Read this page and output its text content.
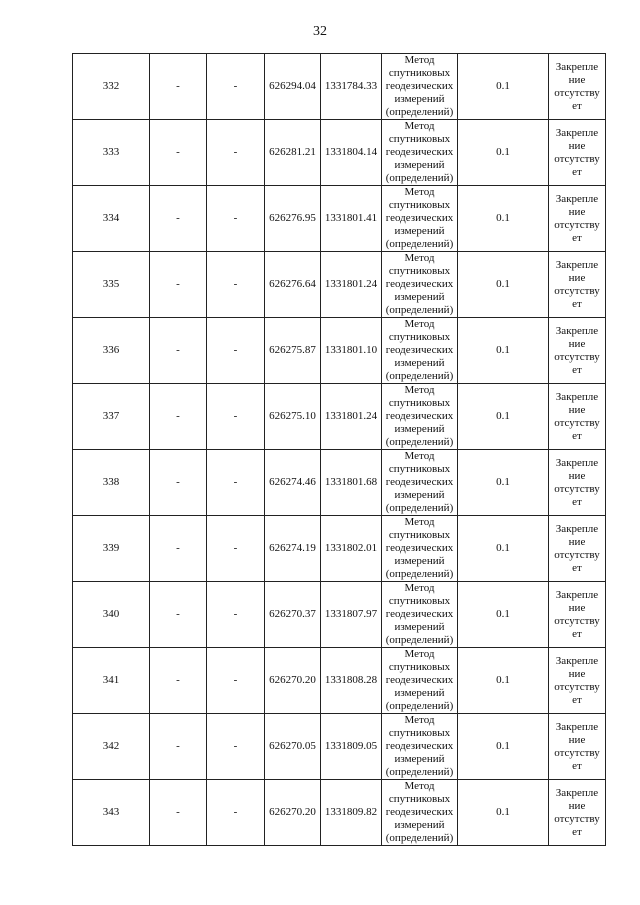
32
332	-	-	626294.04	1331784.33	Метод
спутниковых
геодезических
измерений
(определений)	0.1	Закрепле
ние
отсутству
ет

333	-	-	626281.21	1331804.14	Метод
спутниковых
геодезических
измерений
(определений)	0.1	Закрепле
ние
отсутству
ет

334	-	-	626276.95	1331801.41	Метод
спутниковых
геодезических
измерений
(определений)	0.1	Закрепле
ние
отсутству
ет

335	-	-	626276.64	1331801.24	Метод
спутниковых
геодезических
измерений
(определений)	0.1	Закрепле
ние
отсутству
ет

336	-	-	626275.87	1331801.10	Метод
спутниковых
геодезических
измерений
(определений)	0.1	Закрепле
ние
отсутству
ет

337	-	-	626275.10	1331801.24	Метод
спутниковых
геодезических
измерений
(определений)	0.1	Закрепле
ние
отсутству
ет

338	-	-	626274.46	1331801.68	Метод
спутниковых
геодезических
измерений
(определений)	0.1	Закрепле
ние
отсутству
ет

339	-	-	626274.19	1331802.01	Метод
спутниковых
геодезических
измерений
(определений)	0.1	Закрепле
ние
отсутству
ет

340	-	-	626270.37	1331807.97	Метод
спутниковых
геодезических
измерений
(определений)	0.1	Закрепле
ние
отсутству
ет

341	-	-	626270.20	1331808.28	Метод
спутниковых
геодезических
измерений
(определений)	0.1	Закрепле
ние
отсутству
ет

342	-	-	626270.05	1331809.05	Метод
спутниковых
геодезических
измерений
(определений)	0.1	Закрепле
ние
отсутству
ет

343	-	-	626270.20	1331809.82	Метод
спутниковых
геодезических
измерений
(определений)	0.1	Закрепле
ние
отсутству
ет
